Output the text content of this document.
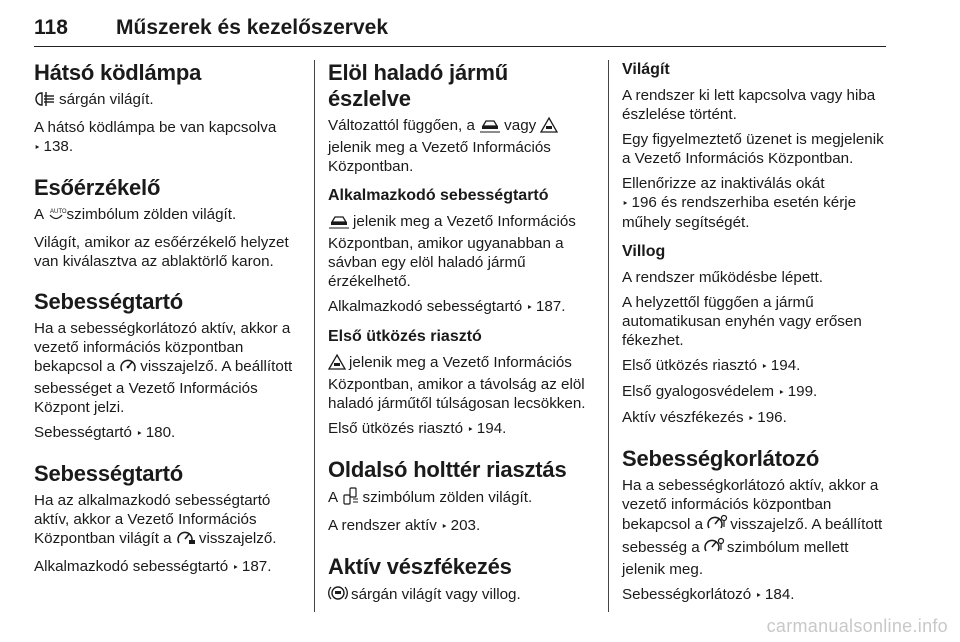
118 Műszerek és kezelőszervek
Hátsó ködlámpa

sárgán világít.

A hátsó ködlámpa be van kapcsolva
‣ 138.

Esőérzékelő

A AUTO szimbólum zölden világít.

Világít, amikor az esőérzékelő helyzet van kiválasztva az ablaktörlő karon.

Sebességtartó

Ha a sebességkorlátozó aktív, akkor a vezető információs központban bekapcsol a visszajelző. A beállított sebességet a Vezető Információs Központ jelzi.

Sebességtartó ‣ 180.

Sebességtartó

Ha az alkalmazkodó sebességtartó aktív, akkor a Vezető Információs Központban világít a visszajelző.

Alkalmazkodó sebességtartó ‣ 187.

Elöl haladó jármű észlelve

Változattól függően, a vagy  jelenik meg a Vezető Információs Központban.

Alkalmazkodó sebességtartó

jelenik meg a Vezető Információs Központban, amikor ugyanabban a sávban egy elöl haladó jármű érzékelhető.

Alkalmazkodó sebességtartó ‣ 187.

Első ütközés riasztó

jelenik meg a Vezető Információs Központban, amikor a távolság az elöl haladó járműtől túlságosan lecsökken.

Első ütközés riasztó ‣ 194.

Oldalsó holttér riasztás

A szimbólum zölden világít.

A rendszer aktív ‣ 203.

Aktív vészfékezés

sárgán világít vagy villog.

Világít

A rendszer ki lett kapcsolva vagy hiba észlelése történt.

Egy figyelmeztető üzenet is megjelenik a Vezető Információs Központban.

Ellenőrizze az inaktiválás okát
‣ 196 és rendszerhiba esetén kérje műhely segítségét.

Villog

A rendszer működésbe lépett.

A helyzettől függően a jármű automatikusan enyhén vagy erősen fékezhet.

Első ütközés riasztó ‣ 194.

Első gyalogosvédelem ‣ 199.

Aktív vészfékezés ‣ 196.

Sebességkorlátozó

Ha a sebességkorlátozó aktív, akkor a vezető információs központban bekapcsol a visszajelző. A beállított sebesség a szimbólum mellett jelenik meg.

Sebességkorlátozó ‣ 184.

carmanualsonline.info
